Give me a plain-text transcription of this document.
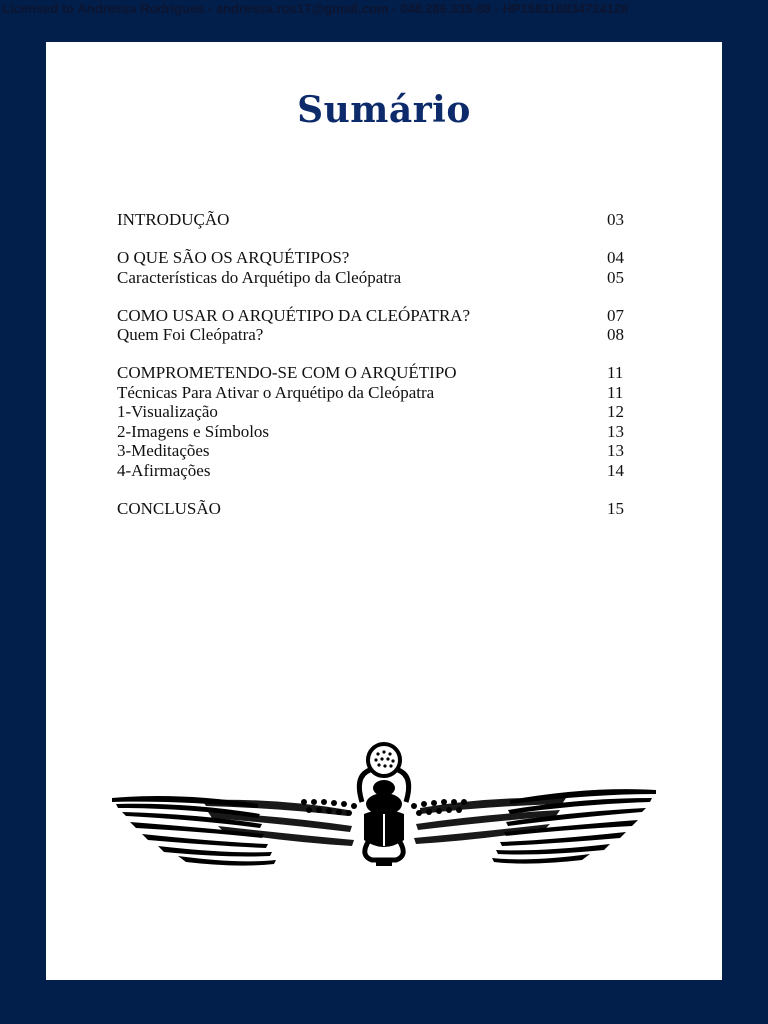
Licensed to Andressa Rodrigues - andressa.ros17@gmail.com - 048.286.335-88 - HP15811683472412​8
Sumário
INTRODUÇÃO	03
O QUE SÃO OS ARQUÉTIPOS?	04
Características do Arquétipo da Cleópatra	05
COMO USAR O ARQUÉTIPO DA CLEÓPATRA?	07
Quem Foi Cleópatra?	08
COMPROMETENDO-SE COM O ARQUÉTIPO	11
Técnicas Para Ativar o Arquétipo da Cleópatra	11
1-Visualização	12
2-Imagens e Símbolos	13
3-Meditações	13
4-Afirmações	14
CONCLUSÃO	15
